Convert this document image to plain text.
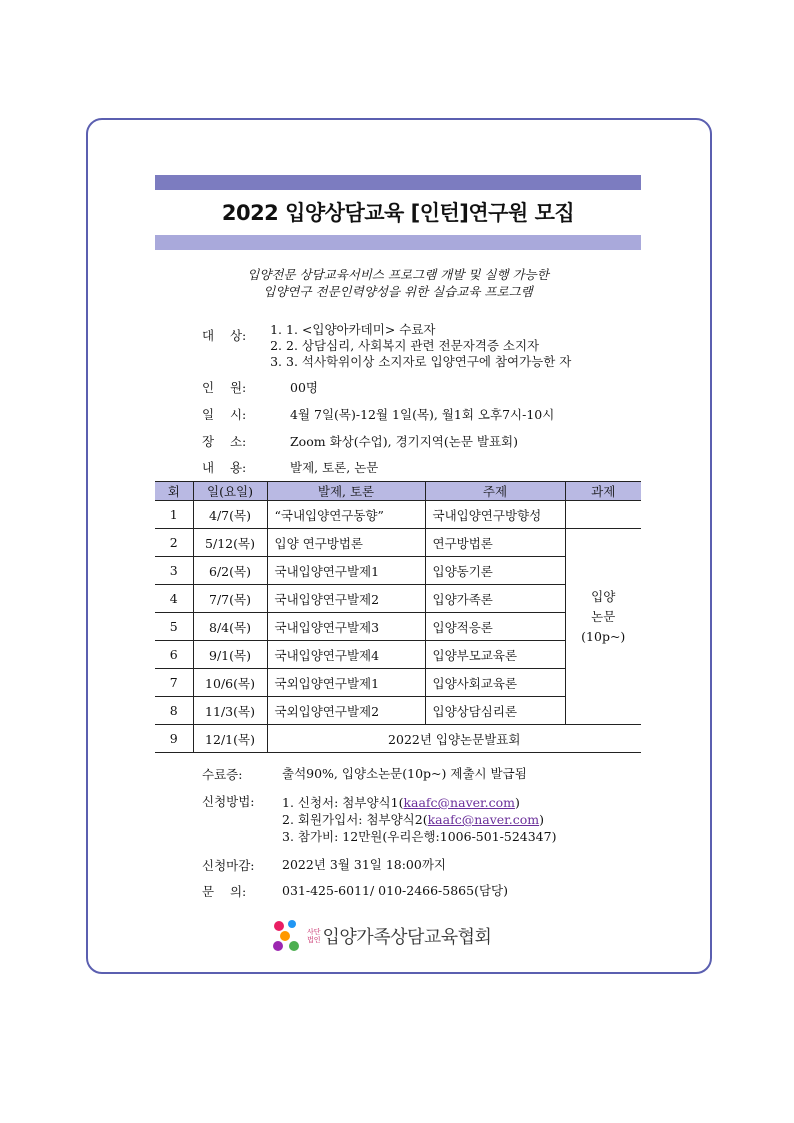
2022 입양상담교육 [인턴]연구원 모집
입양전문 상담교육서비스 프로그램 개발 및 실행 가능한
입양연구 전문인력양성을 위한 실습교육 프로그램
대    상:	1. 1. <입양아카데미> 수료자
2. 2. 상담심리, 사회복지 관련 전문자격증 소지자
3. 3. 석사학위이상 소지자로 입양연구에 참여가능한 자
인    원:	00명
일    시:	4월 7일(목)-12월 1일(목), 월1회 오후7시-10시
장    소:	Zoom 화상(수업), 경기지역(논문 발표회)
내    용:	발제, 토론, 논문
회	일(요일)	발제, 토론	주제	과제
1	4/7(목)	“국내입양연구동향”	국내입양연구방향성	
2	5/12(목)	입양 연구방법론	연구방법론	입양
논문
(10p~)

3	6/2(목)	국내입양연구발제1	입양동기론	
4	7/7(목)	국내입양연구발제2	입양가족론	
5	8/4(목)	국내입양연구발제3	입양적응론	
6	9/1(목)	국내입양연구발제4	입양부모교육론	
7	10/6(목)	국외입양연구발제1	입양사회교육론	
8	11/3(목)	국외입양연구발제2	입양상담심리론	
9	12/1(목)	2022년 입양논문발표회		
수료증:	출석90%, 입양소논문(10p~) 제출시 발급됨
신청방법: 1. 신청서: 첨부양식1(kaafc@naver.com)
2. 회원가입서: 첨부양식2(kaafc@naver.com)
3. 참가비: 12만원(우리은행:1006-501-524347)
신청마감: 2022년 3월 31일 18:00까지
문    의:	031-425-6011/ 010-2466-5865(담당)
사단
법인 입양가족상담교육협회
